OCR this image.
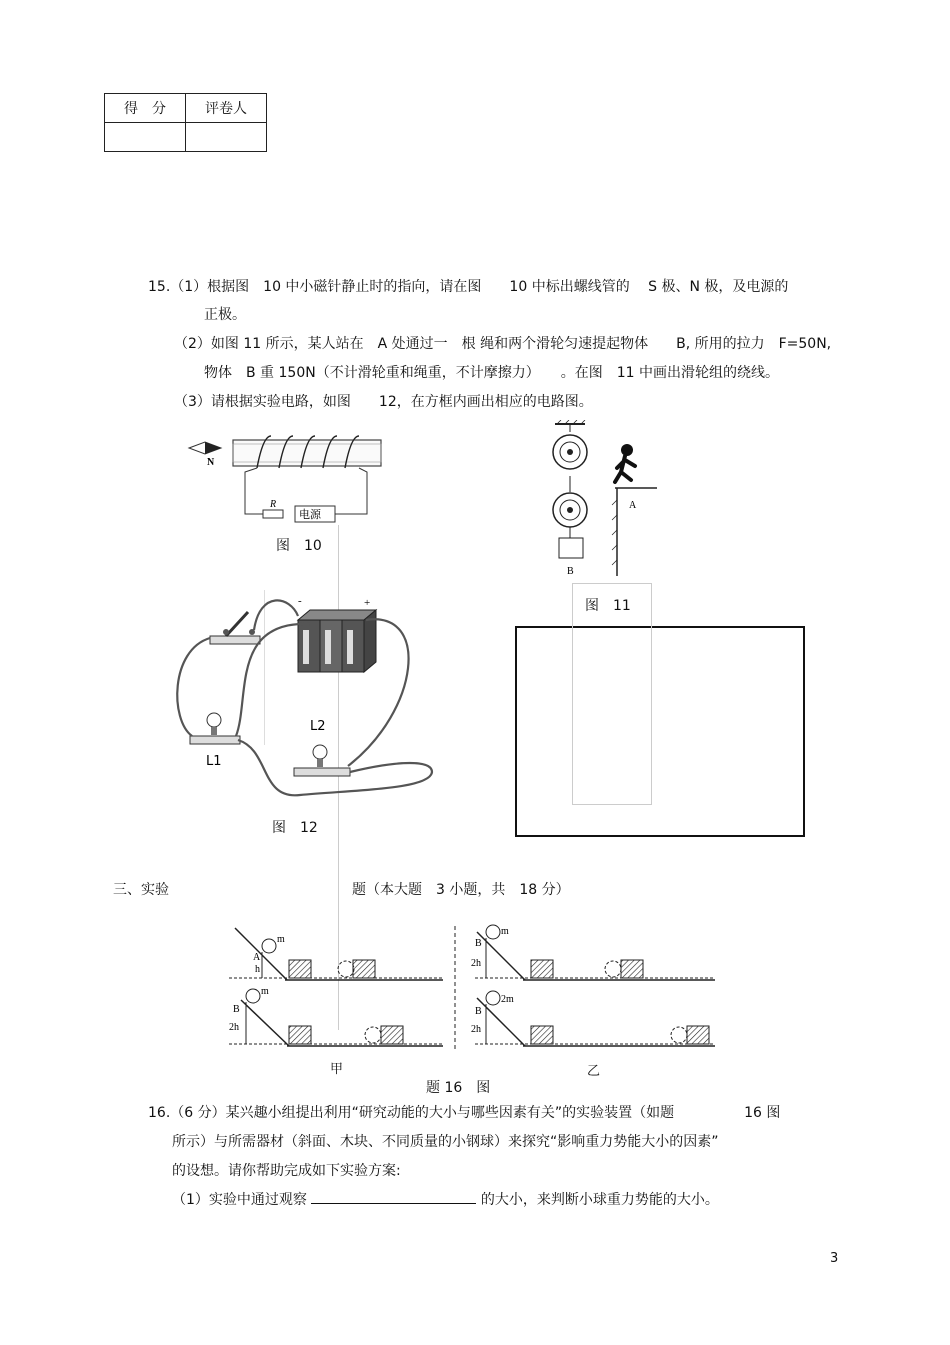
得　分	评卷人

15.（1）根据图　10 中小磁针静止时的指向，请在图　　10 中标出螺线管的　 S 极、N 极，及电源的
正极。
（2）如图 11 所示，某人站在　A 处通过一　根 绳和两个滑轮匀速提起物体　　B, 所用的拉力　F=50N,
物体　B 重 150N（不计滑轮重和绳重，不计摩擦力）　　。在图　11 中画出滑轮组的绕线。
（3）请根据实验电路，如图　　12，在方框内画出相应的电路图。
N
R
电源
图　10
B
A
图　11
-	+
L1
L2
图　12
三、实验	题（本大题　3 小题，共　18 分）
m
A
h
m
B
2h
m
B
2h
2m
B
2h
甲	乙
题 16　图
16.（6 分）某兴趣小组提出利用“研究动能的大小与哪些因素有关”的实验装置（如题　　　　　16 图
所示）与所需器材（斜面、木块、不同质量的小钢球）来探究“影响重力势能大小的因素”
的设想。请你帮助完成如下实验方案:
（1）实验中通过观察	的大小，来判断小球重力势能的大小。
3
